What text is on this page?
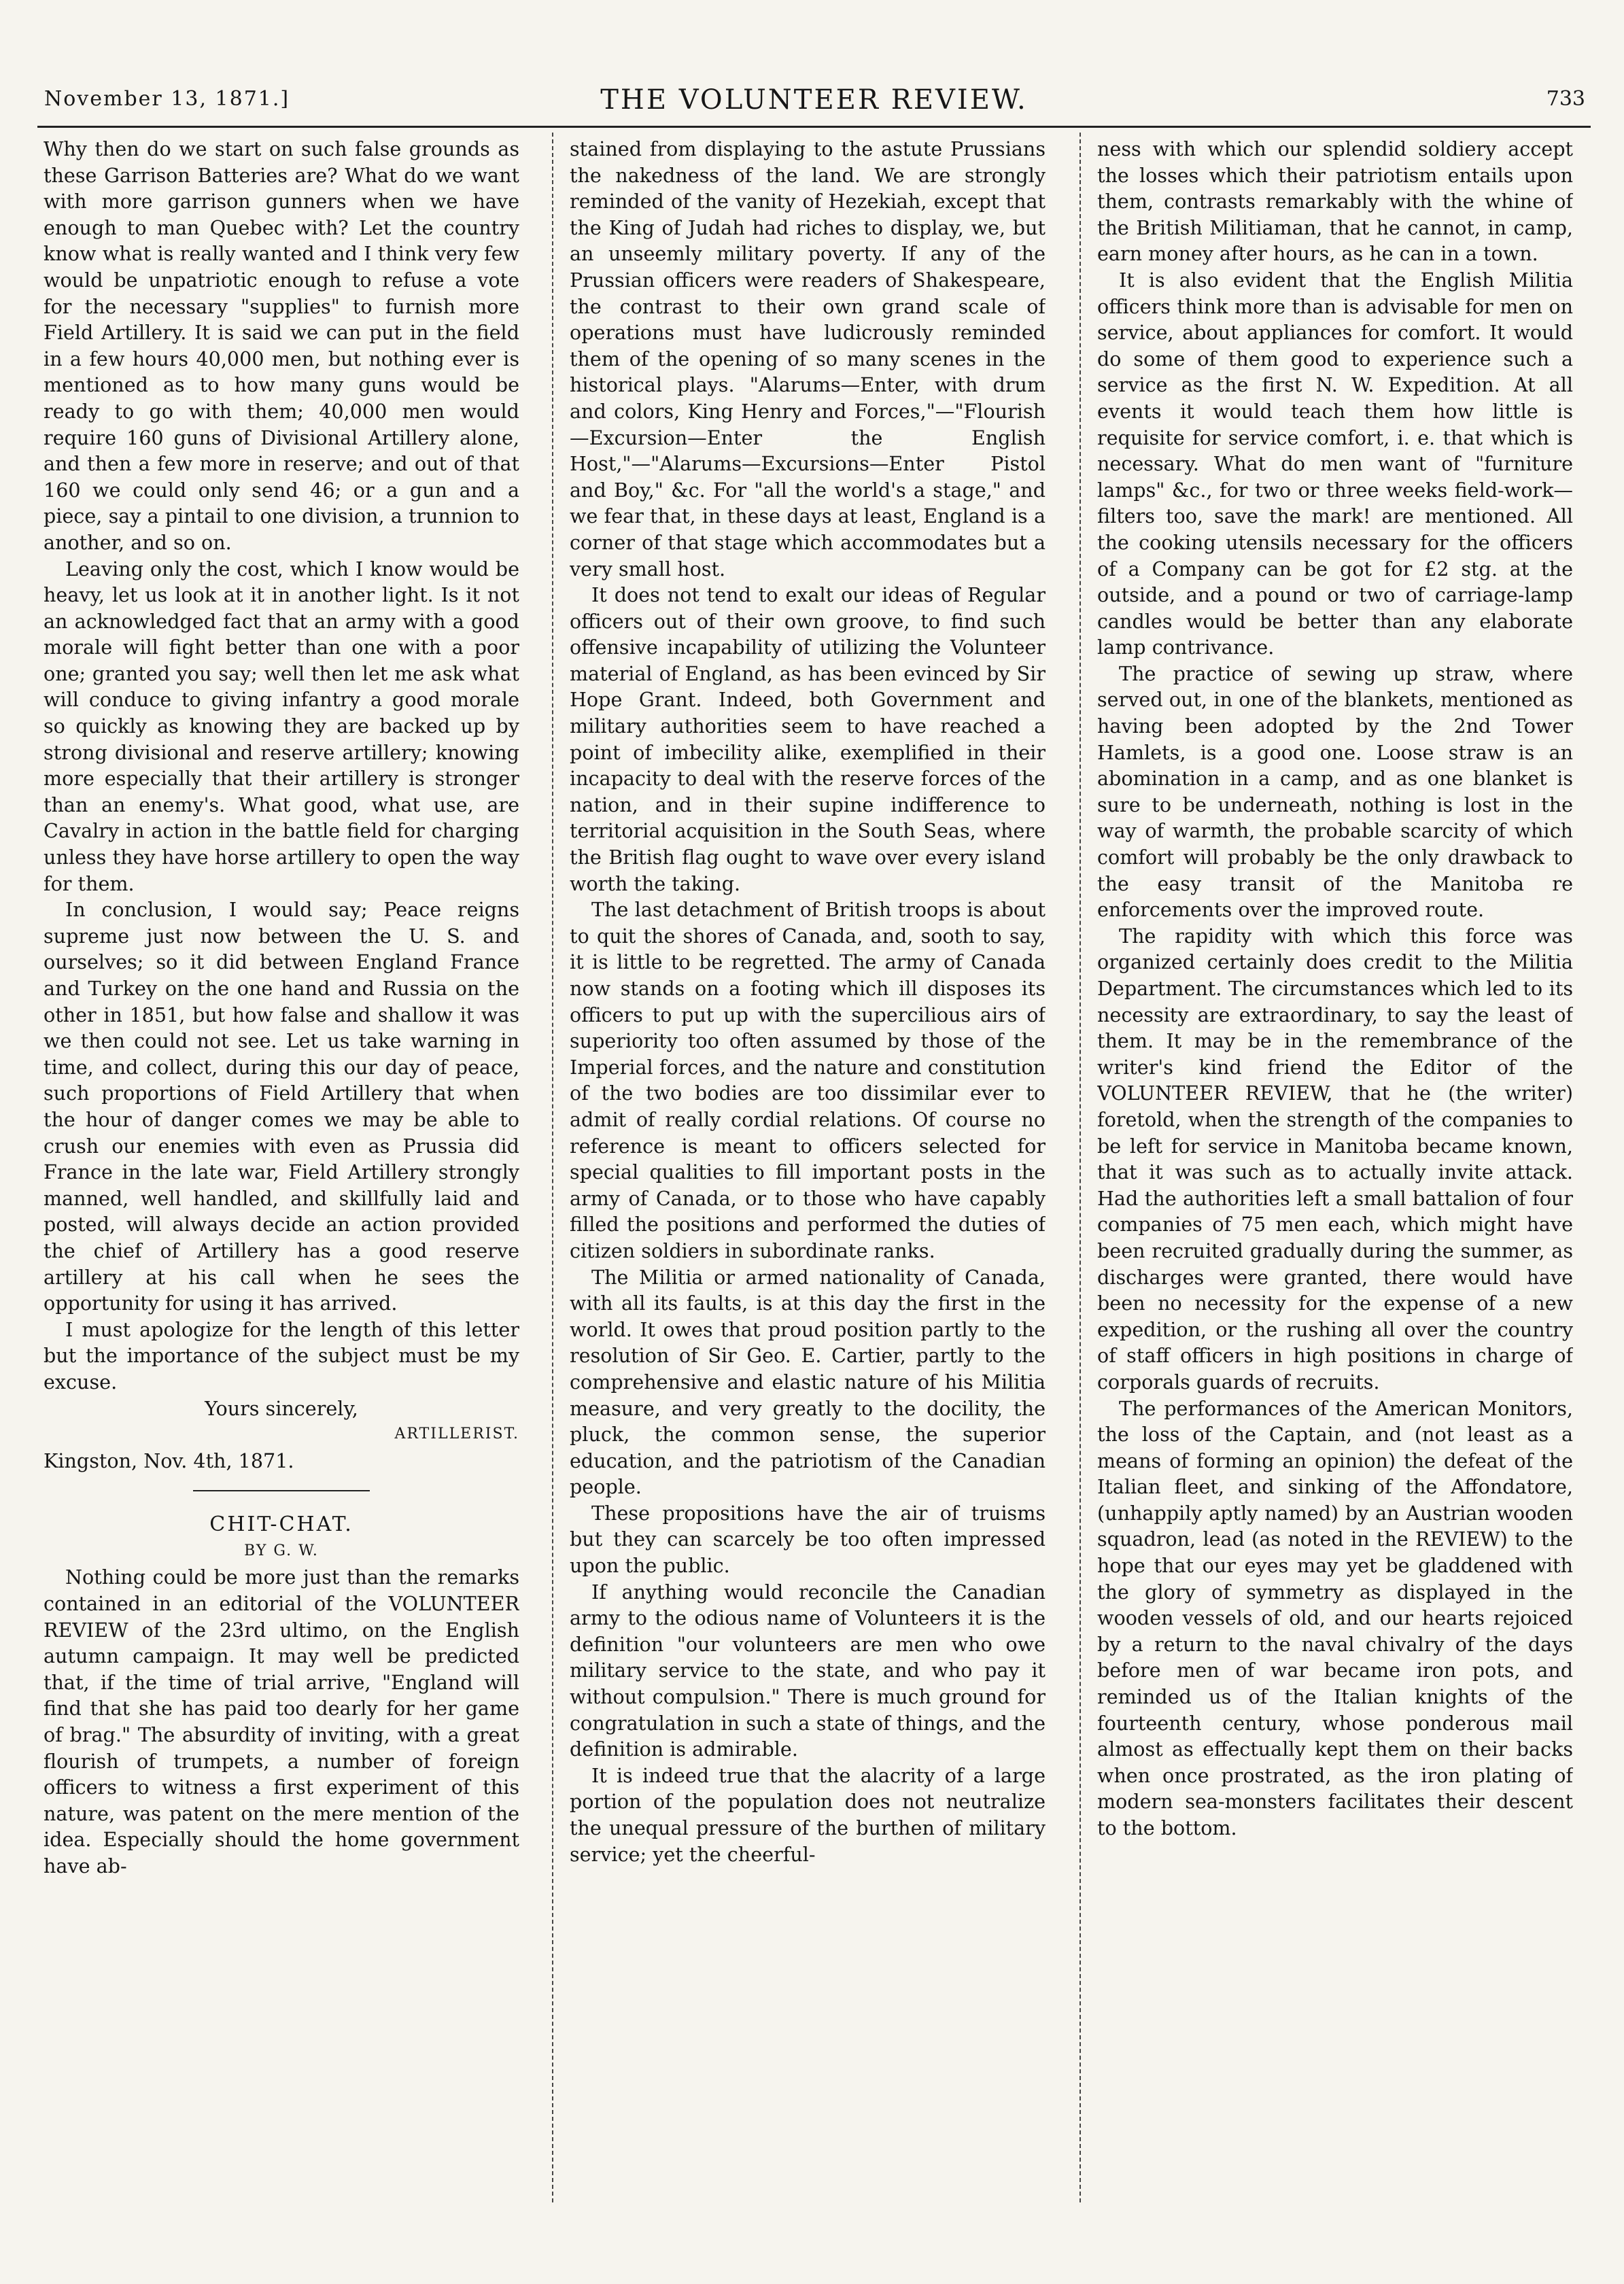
November 13, 1871.]	THE VOLUNTEER REVIEW.	733

Why then do we start on such false grounds as these Garrison Batteries are? What do we want with more garrison gunners when we have enough to man Quebec with? Let the country know what is really wanted and I think very few would be unpatriotic enough to refuse a vote for the necessary "supplies" to furnish more Field Artillery. It is said we can put in the field in a few hours 40,000 men, but nothing ever is mentioned as to how many guns would be ready to go with them; 40,000 men would require 160 guns of Divisional Artillery alone, and then a few more in reserve; and out of that 160 we could only send 46; or a gun and a piece, say a pintail to one division, a trunnion to another, and so on.

Leaving only the cost, which I know would be heavy, let us look at it in another light. Is it not an acknowledged fact that an army with a good morale will fight better than one with a poor one; granted you say; well then let me ask what will conduce to giving infantry a good morale so quickly as knowing they are backed up by strong divisional and reserve artillery; knowing more especially that their artillery is stronger than an enemy's. What good, what use, are Cavalry in action in the battle field for charging unless they have horse artillery to open the way for them.

In conclusion, I would say; Peace reigns supreme just now between the U. S. and ourselves; so it did between England France and Turkey on the one hand and Russia on the other in 1851, but how false and shallow it was we then could not see. Let us take warning in time, and collect, during this our day of peace, such proportions of Field Artillery that when the hour of danger comes we may be able to crush our enemies with even as Prussia did France in the late war, Field Artillery strongly manned, well handled, and skillfully laid and posted, will always decide an action provided the chief of Artillery has a good reserve artillery at his call when he sees the opportunity for using it has arrived.

I must apologize for the length of this letter but the importance of the subject must be my excuse.

Yours sincerely,

ARTILLERIST.

Kingston, Nov. 4th, 1871.

CHIT-CHAT.

BY G. W.

Nothing could be more just than the remarks contained in an editorial of the VOLUNTEER REVIEW of the 23rd ultimo, on the English autumn campaign. It may well be predicted that, if the time of trial arrive, "England will find that she has paid too dearly for her game of brag." The absurdity of inviting, with a great flourish of trumpets, a number of foreign officers to witness a first experiment of this nature, was patent on the mere mention of the idea. Especially should the home government have ab-

stained from displaying to the astute Prussians the nakedness of the land. We are strongly reminded of the vanity of Hezekiah, except that the King of Judah had riches to display, we, but an unseemly military poverty. If any of the Prussian officers were readers of Shakespeare, the contrast to their own grand scale of operations must have ludicrously reminded them of the opening of so many scenes in the historical plays. "Alarums—Enter, with drum and colors, King Henry and Forces,"—"Flourish—Excursion—Enter the English Host,"—"Alarums—Excursions—Enter Pistol and Boy," &c. For "all the world's a stage," and we fear that, in these days at least, England is a corner of that stage which accommodates but a very small host.

It does not tend to exalt our ideas of Regular officers out of their own groove, to find such offensive incapability of utilizing the Volunteer material of England, as has been evinced by Sir Hope Grant. Indeed, both Government and military authorities seem to have reached a point of imbecility alike, exemplified in their incapacity to deal with the reserve forces of the nation, and in their supine indifference to territorial acquisition in the South Seas, where the British flag ought to wave over every island worth the taking.

The last detachment of British troops is about to quit the shores of Canada, and, sooth to say, it is little to be regretted. The army of Canada now stands on a footing which ill disposes its officers to put up with the supercilious airs of superiority too often assumed by those of the Imperial forces, and the nature and constitution of the two bodies are too dissimilar ever to admit of really cordial relations. Of course no reference is meant to officers selected for special qualities to fill important posts in the army of Canada, or to those who have capably filled the positions and performed the duties of citizen soldiers in subordinate ranks.

The Militia or armed nationality of Canada, with all its faults, is at this day the first in the world. It owes that proud position partly to the resolution of Sir Geo. E. Cartier, partly to the comprehensive and elastic nature of his Militia measure, and very greatly to the docility, the pluck, the common sense, the superior education, and the patriotism of the Canadian people.

These propositions have the air of truisms but they can scarcely be too often impressed upon the public.

If anything would reconcile the Canadian army to the odious name of Volunteers it is the definition "our volunteers are men who owe military service to the state, and who pay it without compulsion." There is much ground for congratulation in such a state of things, and the definition is admirable.

It is indeed true that the alacrity of a large portion of the population does not neutralize the unequal pressure of the burthen of military service; yet the cheerful-

ness with which our splendid soldiery accept the losses which their patriotism entails upon them, contrasts remarkably with the whine of the British Militiaman, that he cannot, in camp, earn money after hours, as he can in a town.

It is also evident that the English Militia officers think more than is advisable for men on service, about appliances for comfort. It would do some of them good to experience such a service as the first N. W. Expedition. At all events it would teach them how little is requisite for service comfort, i. e. that which is necessary. What do men want of "furniture lamps" &c., for two or three weeks field-work—filters too, save the mark! are mentioned. All the cooking utensils necessary for the officers of a Company can be got for £2 stg. at the outside, and a pound or two of carriage-lamp candles would be better than any elaborate lamp contrivance.

The practice of sewing up straw, where served out, in one of the blankets, mentioned as having been adopted by the 2nd Tower Hamlets, is a good one. Loose straw is an abomination in a camp, and as one blanket is sure to be underneath, nothing is lost in the way of warmth, the probable scarcity of which comfort will probably be the only drawback to the easy transit of the Manitoba re enforcements over the improved route.

The rapidity with which this force was organized certainly does credit to the Militia Department. The circumstances which led to its necessity are extraordinary, to say the least of them. It may be in the remembrance of the writer's kind friend the Editor of the VOLUNTEER REVIEW, that he (the writer) foretold, when the strength of the companies to be left for service in Manitoba became known, that it was such as to actually invite attack. Had the authorities left a small battalion of four companies of 75 men each, which might have been recruited gradually during the summer, as discharges were granted, there would have been no necessity for the expense of a new expedition, or the rushing all over the country of staff officers in high positions in charge of corporals guards of recruits.

The performances of the American Monitors, the loss of the Captain, and (not least as a means of forming an opinion) the defeat of the Italian fleet, and sinking of the Affondatore, (unhappily aptly named) by an Austrian wooden squadron, lead (as noted in the REVIEW) to the hope that our eyes may yet be gladdened with the glory of symmetry as displayed in the wooden vessels of old, and our hearts rejoiced by a return to the naval chivalry of the days before men of war became iron pots, and reminded us of the Italian knights of the fourteenth century, whose ponderous mail almost as effectually kept them on their backs when once prostrated, as the iron plating of modern sea-monsters facilitates their descent to the bottom.
